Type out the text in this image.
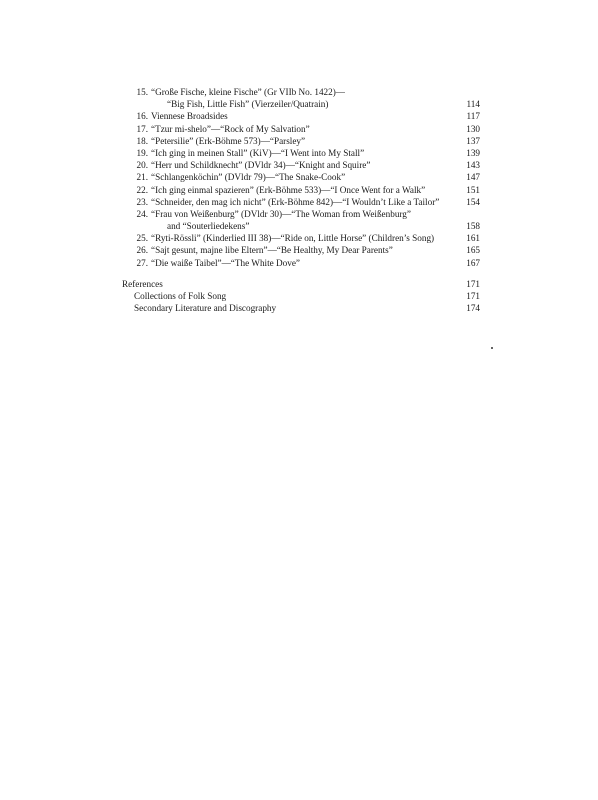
15. “Große Fische, kleine Fische” (Gr VIIb No. 1422)—
“Big Fish, Little Fish” (Vierzeiler/Quatrain)	114
16. Viennese Broadsides	117
17. “Tzur mi-shelo”—“Rock of My Salvation”	130
18. “Petersilie” (Erk-Böhme 573)—“Parsley”	137
19. “Ich ging in meinen Stall” (KiV)—“I Went into My Stall”	139
20. “Herr und Schildknecht” (DVldr 34)—“Knight and Squire”	143
21. “Schlangenköchin” (DVldr 79)—“The Snake-Cook”	147
22. “Ich ging einmal spazieren” (Erk-Böhme 533)—“I Once Went for a Walk”	151
23. “Schneider, den mag ich nicht” (Erk-Böhme 842)—“I Wouldn’t Like a Tailor”	154
24. “Frau von Weißenburg” (DVldr 30)—“The Woman from Weißenburg”
and “Souterliedekens”	158
25. “Ryti-Rössli” (Kinderlied III 38)—“Ride on, Little Horse” (Children’s Song)	161
26. “Sajt gesunt, majne libe Eltern”—“Be Healthy, My Dear Parents”	165
27. “Die waiße Taibel”—“The White Dove”	167
References	171
Collections of Folk Song	171
Secondary Literature and Discography	174
